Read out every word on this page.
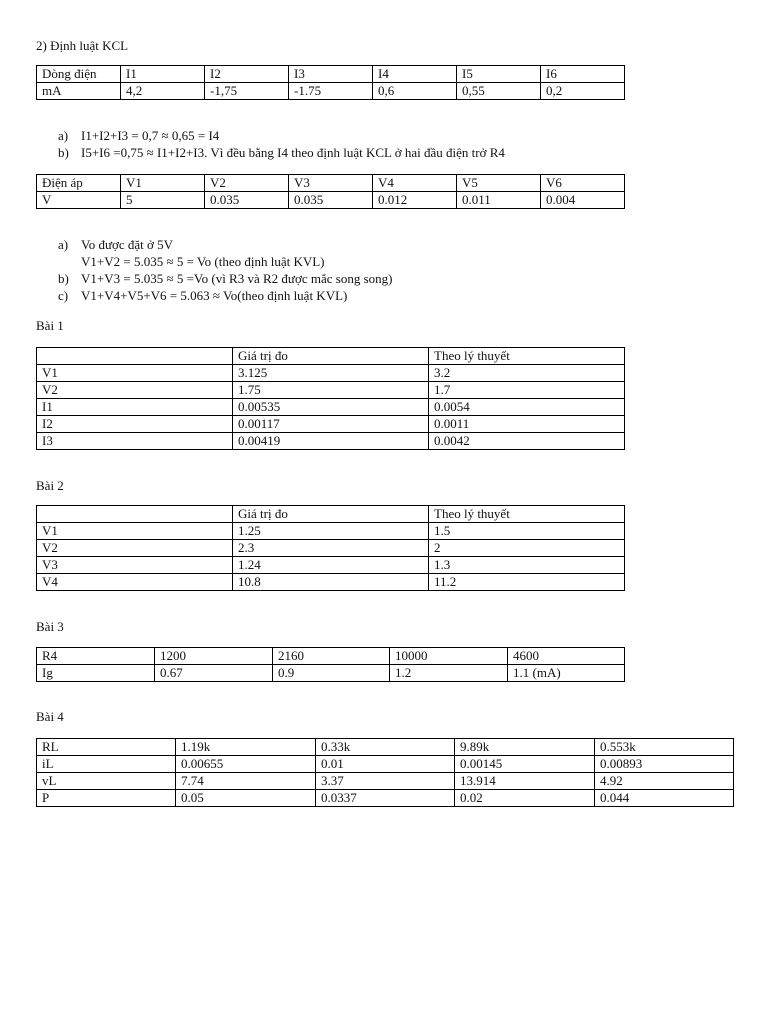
2) Định luật KCL
Dòng điện	I1	I2	I3	I4	I5	I6
mA	4,2	-1,75	-1.75	0,6	0,55	0,2
a) I1+I2+I3 = 0,7 ≈ 0,65 = I4
b) I5+I6 =0,75 ≈ I1+I2+I3. Vì đều bằng I4 theo định luật KCL ở hai đầu điện trở R4
Điện áp	V1	V2	V3	V4	V5	V6
V	5	0.035	0.035	0.012	0.011	0.004
a) Vo được đặt ở 5V
V1+V2 = 5.035 ≈ 5 = Vo (theo định luật KVL)
b) V1+V3 = 5.035 ≈ 5 =Vo (vì R3 và R2 được mắc song song)
c) V1+V4+V5+V6 = 5.063 ≈ Vo(theo định luật KVL)
Bài 1
	Giá trị đo	Theo lý thuyết
V1	3.125	3.2
V2	1.75	1.7
I1	0.00535	0.0054
I2	0.00117	0.0011
I3	0.00419	0.0042
Bài 2
	Giá trị đo	Theo lý thuyết
V1	1.25	1.5
V2	2.3	2
V3	1.24	1.3
V4	10.8	11.2
Bài 3
R4	1200	2160	10000	4600
Ig	0.67	0.9	1.2	1.1 (mA)
Bài 4
RL	1.19k	0.33k	9.89k	0.553k
iL	0.00655	0.01	0.00145	0.00893
vL	7.74	3.37	13.914	4.92
P	0.05	0.0337	0.02	0.044
